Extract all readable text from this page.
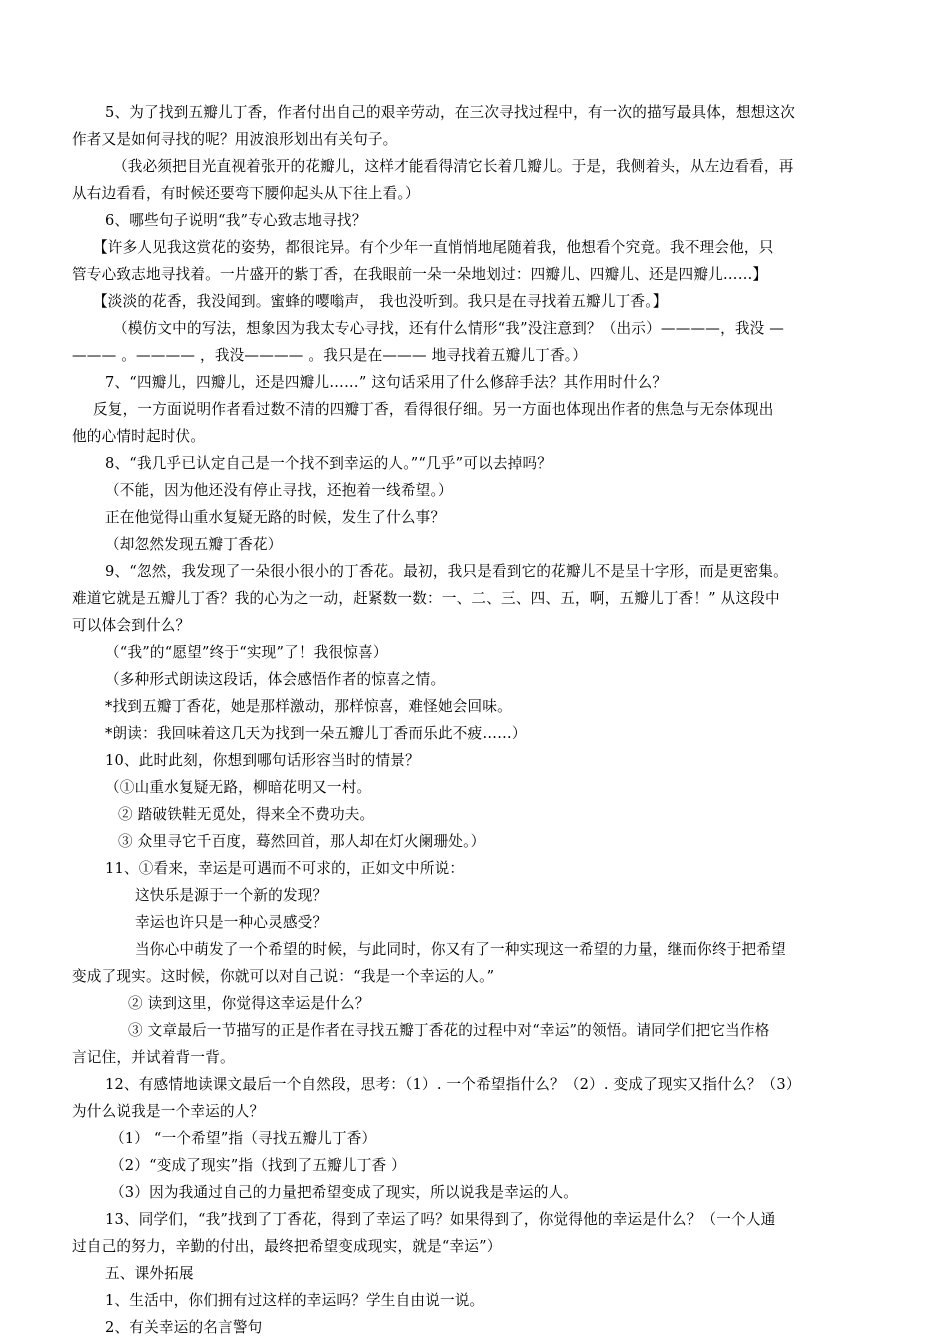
5、为了找到五瓣儿丁香，作者付出自己的艰辛劳动，在三次寻找过程中，有一次的描写最具体，想想这次
作者又是如何寻找的呢？用波浪形划出有关句子。
（我必须把目光直视着张开的花瓣儿，这样才能看得清它长着几瓣儿。于是，我侧着头，从左边看看，再
从右边看看，有时候还要弯下腰仰起头从下往上看。）
6、哪些句子说明“我”专心致志地寻找？
【许多人见我这赏花的姿势，都很诧异。有个少年一直悄悄地尾随着我，他想看个究竟。我不理会他，只
管专心致志地寻找着。一片盛开的紫丁香，在我眼前一朵一朵地划过：四瓣儿、四瓣儿、还是四瓣儿……】
【淡淡的花香，我没闻到。蜜蜂的嘤嗡声， 我也没听到。我只是在寻找着五瓣儿丁香。】
（模仿文中的写法，想象因为我太专心寻找，还有什么情形“我”没注意到？（出示）————，我没 —
——— 。———— ，我没———— 。我只是在——— 地寻找着五瓣儿丁香。）
7、“四瓣儿，四瓣儿，还是四瓣儿……” 这句话采用了什么修辞手法？其作用时什么？
反复，一方面说明作者看过数不清的四瓣丁香，看得很仔细。另一方面也体现出作者的焦急与无奈体现出
他的心情时起时伏。
8、“我几乎已认定自己是一个找不到幸运的人。”“几乎”可以去掉吗？
（不能，因为他还没有停止寻找，还抱着一线希望。）
正在他觉得山重水复疑无路的时候，发生了什么事？
（却忽然发现五瓣丁香花）
9、“忽然，我发现了一朵很小很小的丁香花。最初，我只是看到它的花瓣儿不是呈十字形，而是更密集。
难道它就是五瓣儿丁香？我的心为之一动，赶紧数一数：一、二、三、四、五，啊，五瓣儿丁香！” 从这段中
可以体会到什么？
（“我”的“愿望”终于“实现”了！我很惊喜）
（多种形式朗读这段话，体会感悟作者的惊喜之情。
*找到五瓣丁香花，她是那样激动，那样惊喜，难怪她会回味。
*朗读：我回味着这几天为找到一朵五瓣儿丁香而乐此不疲……）
10、此时此刻，你想到哪句话形容当时的情景？
（①山重水复疑无路，柳暗花明又一村。
② 踏破铁鞋无觅处，得来全不费功夫。
③ 众里寻它千百度，蓦然回首，那人却在灯火阑珊处。）
11、①看来，幸运是可遇而不可求的，正如文中所说：
这快乐是源于一个新的发现？
幸运也许只是一种心灵感受？
当你心中萌发了一个希望的时候，与此同时，你又有了一种实现这一希望的力量，继而你终于把希望
变成了现实。这时候，你就可以对自己说：“我是一个幸运的人。”
② 读到这里，你觉得这幸运是什么？
③ 文章最后一节描写的正是作者在寻找五瓣丁香花的过程中对“幸运”的领悟。请同学们把它当作格
言记住，并试着背一背。
12、有感情地读课文最后一个自然段，思考：（1）. 一个希望指什么？（2）. 变成了现实又指什么？（3）
为什么说我是一个幸运的人？
（1） “一个希望”指（寻找五瓣儿丁香）
（2）“变成了现实”指（找到了五瓣儿丁香 ）
（3）因为我通过自己的力量把希望变成了现实，所以说我是幸运的人。
13、同学们，“我”找到了丁香花，得到了幸运了吗？如果得到了，你觉得他的幸运是什么？（一个人通
过自己的努力，辛勤的付出，最终把希望变成现实，就是“幸运”）
五、课外拓展
1、生活中，你们拥有过这样的幸运吗？学生自由说一说。
2、有关幸运的名言警句
